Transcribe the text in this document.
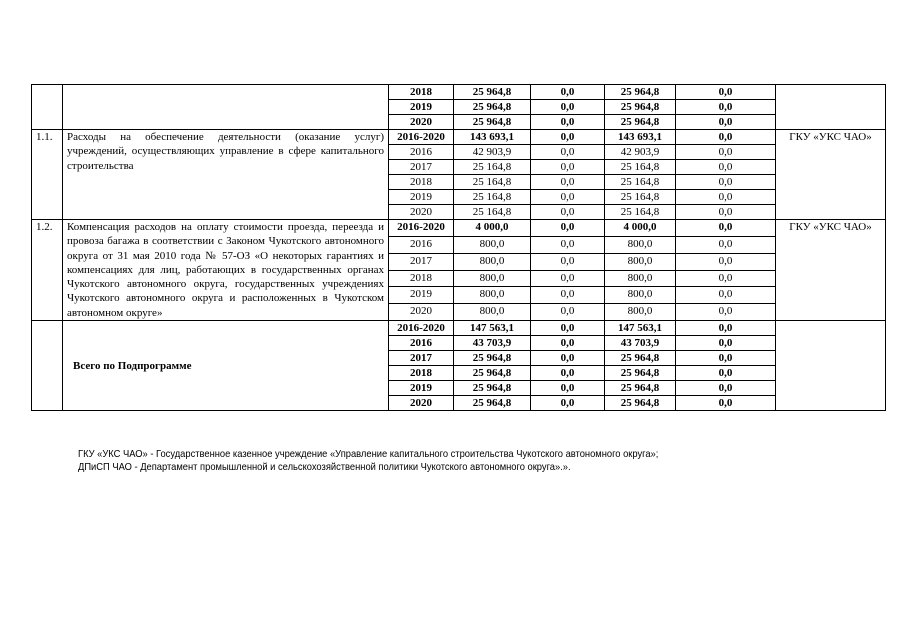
		2018	25 964,8	0,0	25 964,8	0,0	
		2019	25 964,8	0,0	25 964,8	0,0	
		2020	25 964,8	0,0	25 964,8	0,0	
1.1.	Расходы на обеспечение деятельности (оказание услуг) учреждений, осуществляющих управление в сфере капитального строительства	2016-2020	143 693,1	0,0	143 693,1	0,0	ГКУ «УКС ЧАО»
		2016	42 903,9	0,0	42 903,9	0,0	
		2017	25 164,8	0,0	25 164,8	0,0	
		2018	25 164,8	0,0	25 164,8	0,0	
		2019	25 164,8	0,0	25 164,8	0,0	
		2020	25 164,8	0,0	25 164,8	0,0	
1.2.	Компенсация расходов на оплату стоимости проезда, переезда и провоза багажа в соответствии с Законом Чукотского автономного округа от 31 мая 2010 года № 57-ОЗ «О некоторых гарантиях и компенсациях для лиц, работающих в государственных органах Чукотского автономного округа, государственных учреждениях Чукотского автономного округа и расположенных в Чукотском автономном округе»	2016-2020	4 000,0	0,0	4 000,0	0,0	ГКУ «УКС ЧАО»
		2016	800,0	0,0	800,0	0,0	
		2017	800,0	0,0	800,0	0,0	
		2018	800,0	0,0	800,0	0,0	
		2019	800,0	0,0	800,0	0,0	
		2020	800,0	0,0	800,0	0,0	
	Всего по Подпрограмме	2016-2020	147 563,1	0,0	147 563,1	0,0	
		2016	43 703,9	0,0	43 703,9	0,0	
		2017	25 964,8	0,0	25 964,8	0,0	
		2018	25 964,8	0,0	25 964,8	0,0	
		2019	25 964,8	0,0	25 964,8	0,0	
		2020	25 964,8	0,0	25 964,8	0,0	

ГКУ «УКС ЧАО» - Государственное казенное учреждение «Управление капитального строительства Чукотского автономного округа»;

ДПиСП ЧАО - Департамент промышленной и сельскохозяйственной политики Чукотского автономного округа».».
